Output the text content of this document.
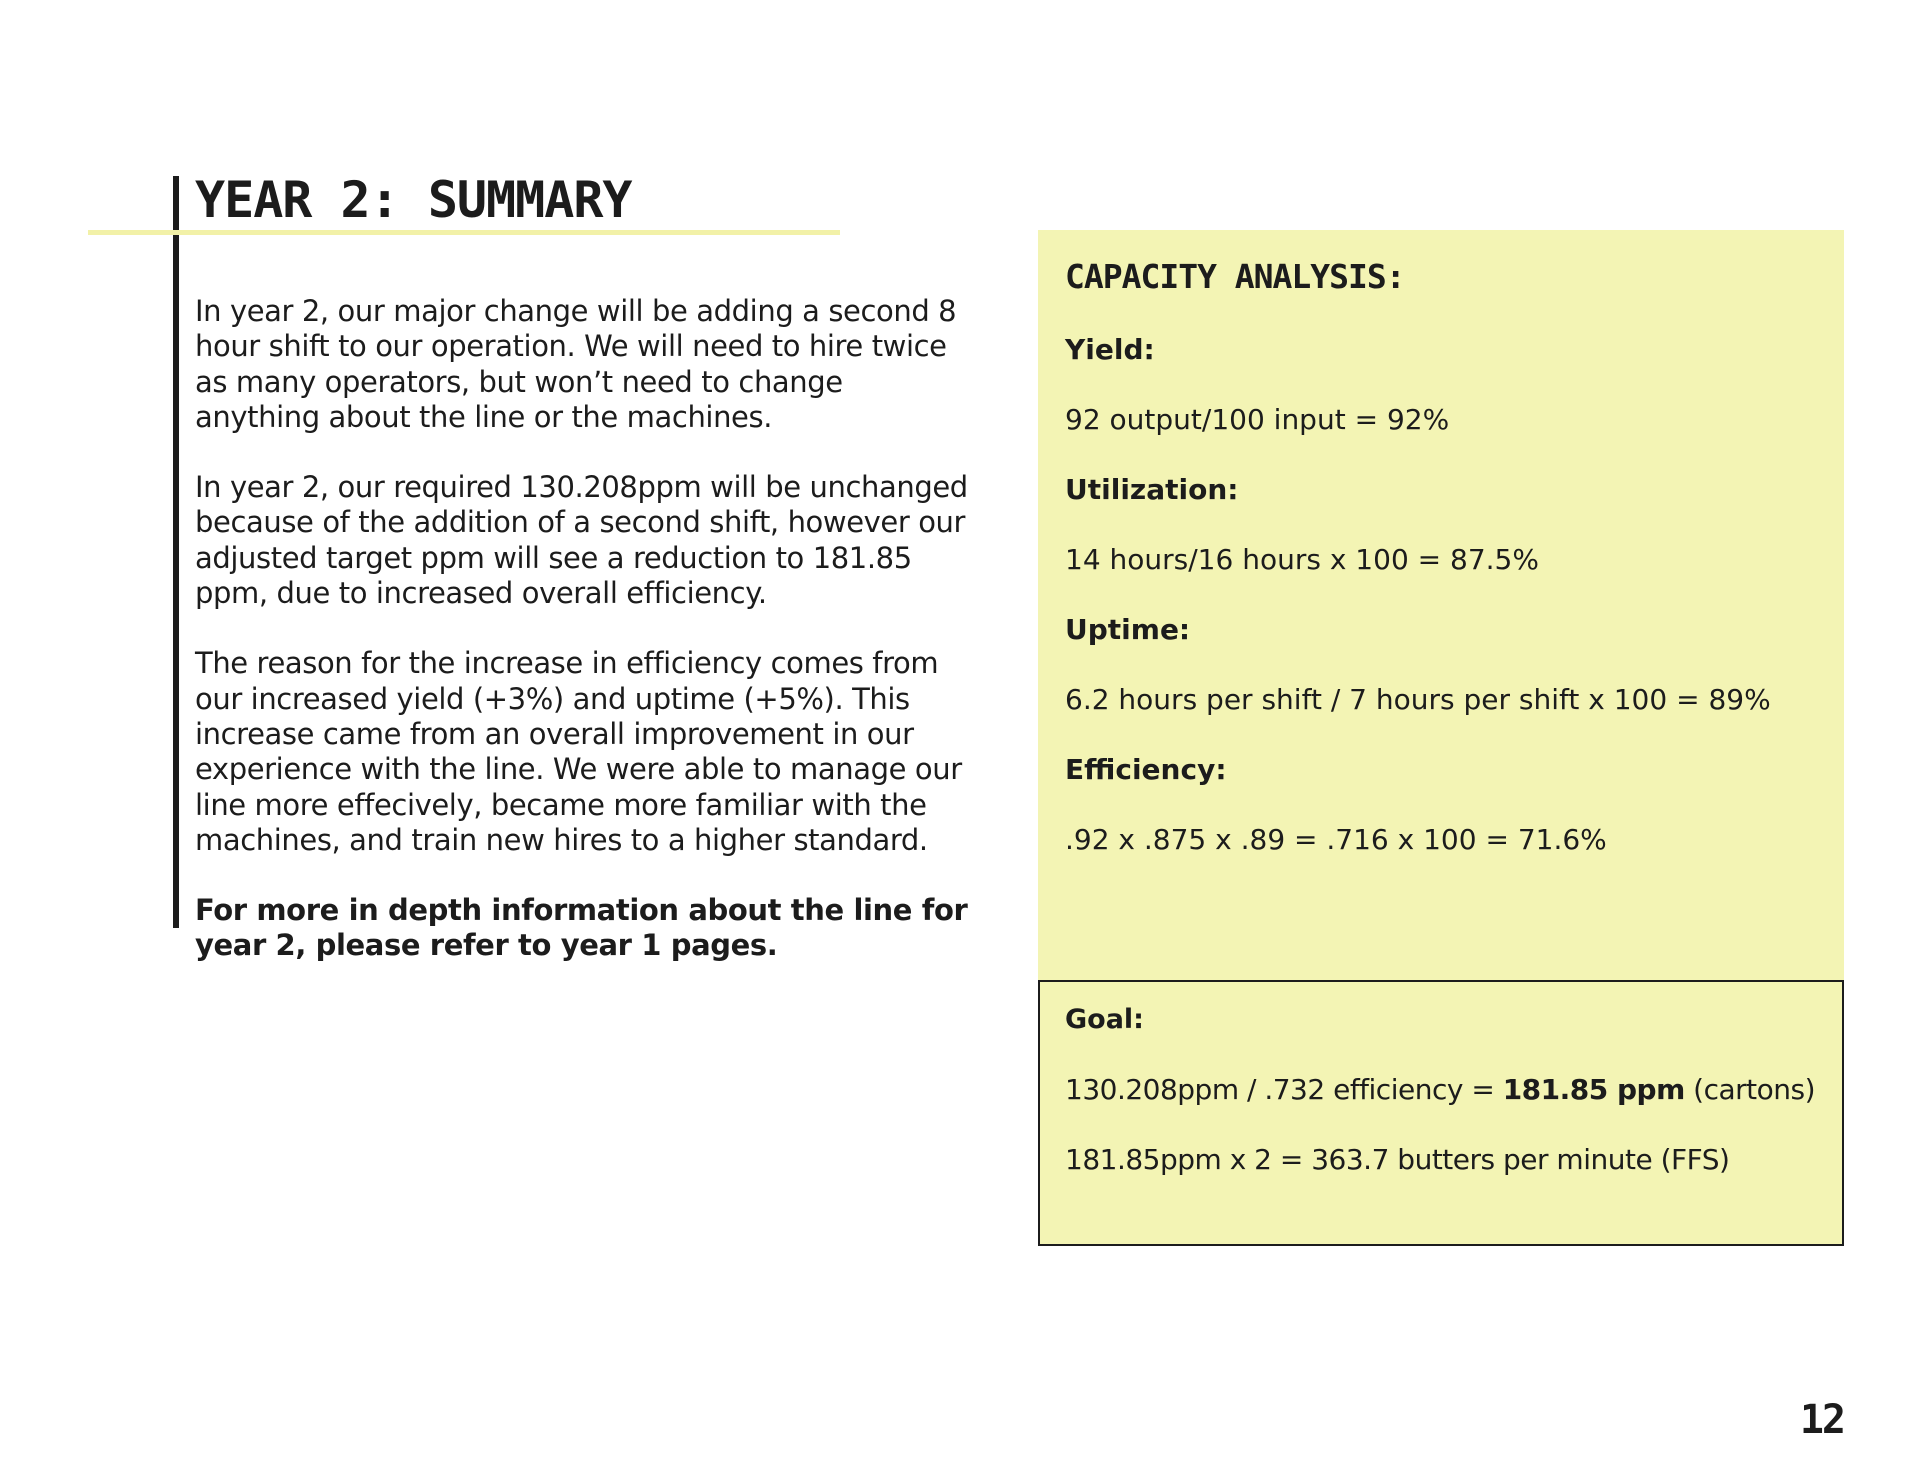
YEAR 2: SUMMARY

In year 2, our major change will be adding a second 8 hour shift to our operation. We will need to hire twice as many operators, but won’t need to change anything about the line or the machines.

In year 2, our required 130.208ppm will be unchanged because of the addition of a second shift, however our adjusted target ppm will see a reduction to 181.85 ppm, due to increased overall efficiency.

The reason for the increase in efficiency comes from our increased yield (+3%) and uptime (+5%). This increase came from an overall improvement in our experience with the line. We were able to manage our line more effecively, became more familiar with the machines, and train new hires to a higher standard.

For more in depth information about the line for year 2, please refer to year 1 pages.

CAPACITY ANALYSIS:

Yield:

92 output/100 input = 92%

Utilization:

14 hours/16 hours x 100 = 87.5%

Uptime:

6.2 hours per shift / 7 hours per shift x 100 = 89%

Efficiency:

.92 x .875 x .89 = .716 x 100 = 71.6%

Goal:

130.208ppm / .732 efficiency = 181.85 ppm (cartons)

181.85ppm x 2 = 363.7 butters per minute (FFS)

12
